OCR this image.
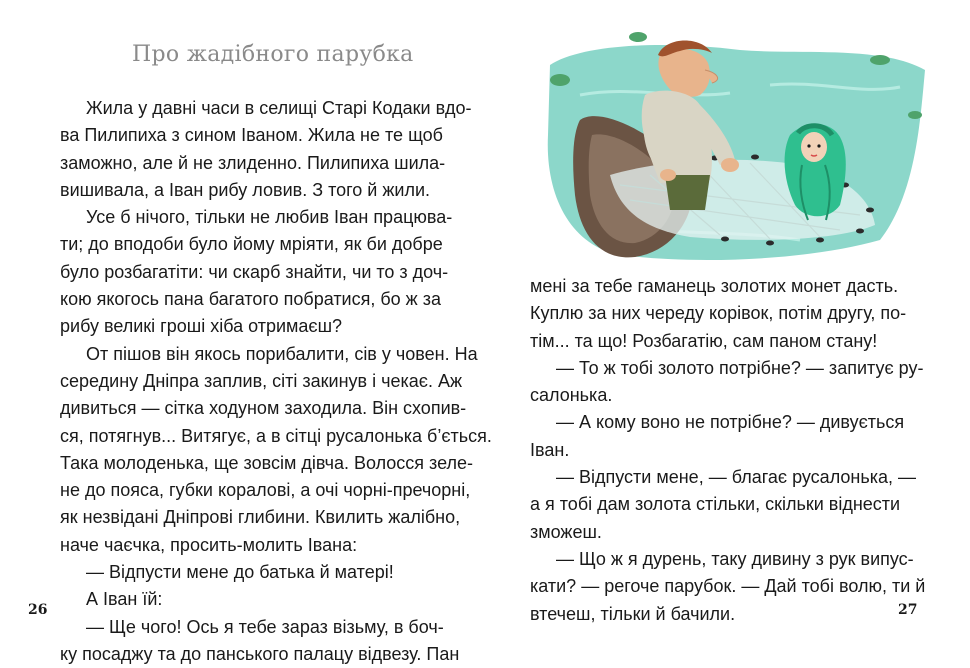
Про жадібного парубка
Жила у давні часи в селищі Старі Кодаки вдо-
ва Пилипиха з сином Іваном. Жила не те щоб
заможно, але й не злиденно. Пилипиха шила-
вишивала, а Іван рибу ловив. З того й жили.
Усе б нічого, тільки не любив Іван працюва-
ти; до вподоби було йому мріяти, як би добре
було розбагатіти: чи скарб знайти, чи то з доч-
кою якогось пана багатого побратися, бо ж за
рибу великі гроші хіба отримаєш?
От пішов він якось порибалити, сів у човен. На
середину Дніпра заплив, сіті закинув і чекає. Аж
дивиться — сітка ходуном заходила. Він схопив-
ся, потягнув... Витягує, а в сітці русалонька б’ється.
Така молоденька, ще зовсім дівча. Волосся зеле-
не до пояса, губки коралові, а очі чорні-пречорні,
як незвідані Дніпрові глибини. Квилить жалібно,
наче чаєчка, просить-молить Івана:
— Відпусти мене до батька й матері!
А Іван їй:
— Ще чого! Ось я тебе зараз візьму, в боч-
ку посаджу та до панського палацу відвезу. Пан
26
мені за тебе гаманець золотих монет дасть.
Куплю за них череду корівок, потім другу, по-
тім... та що! Розбагатію, сам паном стану!
— То ж тобі золото потрібне? — запитує ру-
салонька.
— А кому воно не потрібне? — дивується
Іван.
— Відпусти мене, — благає русалонька, —
а я тобі дам золота стільки, скільки віднести
зможеш.
— Що ж я дурень, таку дивину з рук випус-
кати? — регоче парубок. — Дай тобі волю, ти й
втечеш, тільки й бачили.	27
